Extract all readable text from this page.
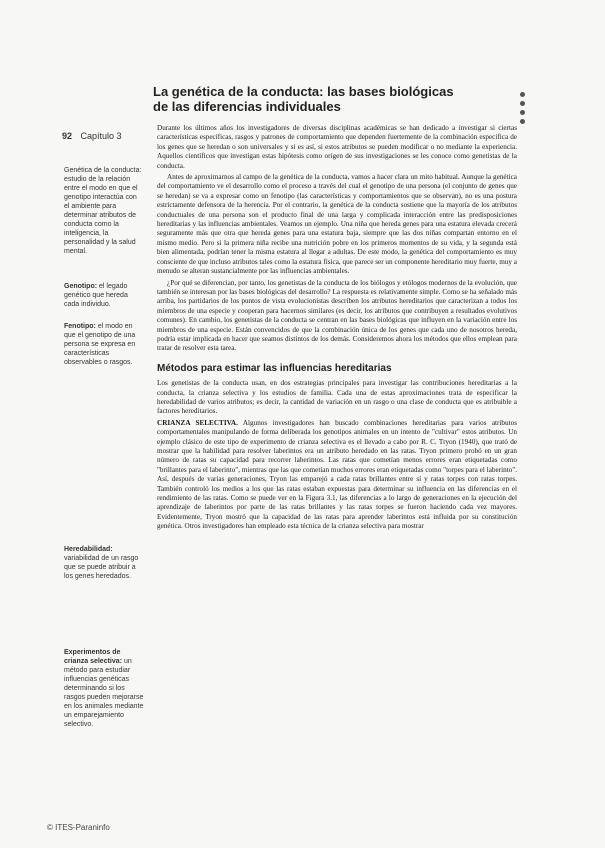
La genética de la conducta: las bases biológicas de las diferencias individuales
92 Capítulo 3
Genética de la conducta: estudio de la relación entre el modo en que el genotipo interactúa con el ambiente para determinar atributos de conducta como la inteligencia, la personalidad y la salud mental.
Genotipo: el legado genético que hereda cada individuo.
Fenotipo: el modo en que el genotipo de una persona se expresa en características observables o rasgos.
Heredabilidad: variabilidad de un rasgo que se puede atribuir a los genes heredados.
Experimentos de crianza selectiva: un método para estudiar influencias genéticas determinando si los rasgos pueden mejorarse en los animales mediante un emparejamiento selectivo.

Durante los últimos años los investigadores de diversas disciplinas académicas se han dedicado a investigar si ciertas características específicas, rasgos y patrones de comportamiento que dependen fuertemente de la combinación específica de los genes que se heredan o son universales y si es así, si estos atributos se pueden modificar o no mediante la experiencia. Aquellos científicos que investigan estas hipótesis como origen de sus investigaciones se les conoce como genetistas de la conducta.

Antes de aproximarnos al campo de la genética de la conducta, vamos a hacer clara un mito habitual. Aunque la genética del comportamiento ve el desarrollo como el proceso a través del cual el genotipo de una persona (el conjunto de genes que se heredan) se va a expresar como un fenotipo (las características y comportamientos que se observan), no es una postura estrictamente defensora de la herencia. Por el contrario, la genética de la conducta sostiene que la mayoría de los atributos conductuales de una persona son el producto final de una larga y complicada interacción entre las predisposiciones hereditarias y las influencias ambientales. Veamos un ejemplo. Una niña que hereda genes para una estatura elevada crecerá seguramente más que otra que hereda genes para una estatura baja, siempre que las dos niñas compartan entorno en el mismo medio. Pero si la primera niña recibe una nutrición pobre en los primeros momentos de su vida, y la segunda está bien alimentada, podrían tener la misma estatura al llegar a adultas. De este modo, la genética del comportamiento es muy consciente de que incluso atributos tales como la estatura física, que parece ser un componente hereditario muy fuerte, muy a menudo se alteran sustancialmente por las influencias ambientales.

¿Por qué se diferencian, por tanto, los genetistas de la conducta de los biólogos y etólogos modernos de la evolución, que también se interesan por las bases biológicas del desarrollo? La respuesta es relativamente simple. Como se ha señalado más arriba, los partidarios de los puntos de vista evolucionistas describen los atributos hereditarios que caracterizan a todos los miembros de una especie y cooperan para hacernos similares (es decir, los atributos que contribuyen a resultados evolutivos comunes). En cambio, los genetistas de la conducta se centran en las bases biológicas que influyen en la variación entre los miembros de una especie. Están convencidos de que la combinación única de los genes que cada uno de nosotros hereda, podría estar implicada en hacer que seamos distintos de los demás. Consideremos ahora los métodos que ellos emplean para tratar de resolver esta tarea.

Métodos para estimar las influencias hereditarias

Los genetistas de la conducta usan, en dos estrategias principales para investigar las contribuciones hereditarias a la conducta, la crianza selectiva y los estudios de familia. Cada una de estas aproximaciones trata de especificar la heredabilidad de varios atributos; es decir, la cantidad de variación en un rasgo o una clase de conducta que es atribuible a factores hereditarios.

CRIANZA SELECTIVA. Algunos investigadores han buscado combinaciones hereditarias para varios atributos comportamentales manipulando de forma deliberada los genotipos animales en un intento de "cultivar" estos atributos. Un ejemplo clásico de este tipo de experimento de crianza selectiva es el llevado a cabo por R. C. Tryon (1940), que trató de mostrar que la habilidad para resolver laberintos era un atributo heredado en las ratas. Tryon primero probó en un gran número de ratas su capacidad para recorrer laberintos. Las ratas que cometían menos errores eran etiquetadas como "brillantes para el laberinto", mientras que las que cometían muchos errores eran etiquetadas como "torpes para el laberinto". Así, después de varias generaciones, Tryon las emparejó a cada ratas brillantes entre sí y ratas torpes con ratas torpes. También controló los medios a los que las ratas estaban expuestas para determinar su influencia en las diferencias en el rendimiento de las ratas. Como se puede ver en la Figura 3.1, las diferencias a lo largo de generaciones en la ejecución del aprendizaje de laberintos por parte de las ratas brillantes y las ratas torpes se fueron haciendo cada vez mayores. Evidentemente, Tryon mostró que la capacidad de las ratas para aprender laberintos está influida por su constitución genética. Otros investigadores han empleado esta técnica de la crianza selectiva para mostrar

© ITES-Paraninfo
